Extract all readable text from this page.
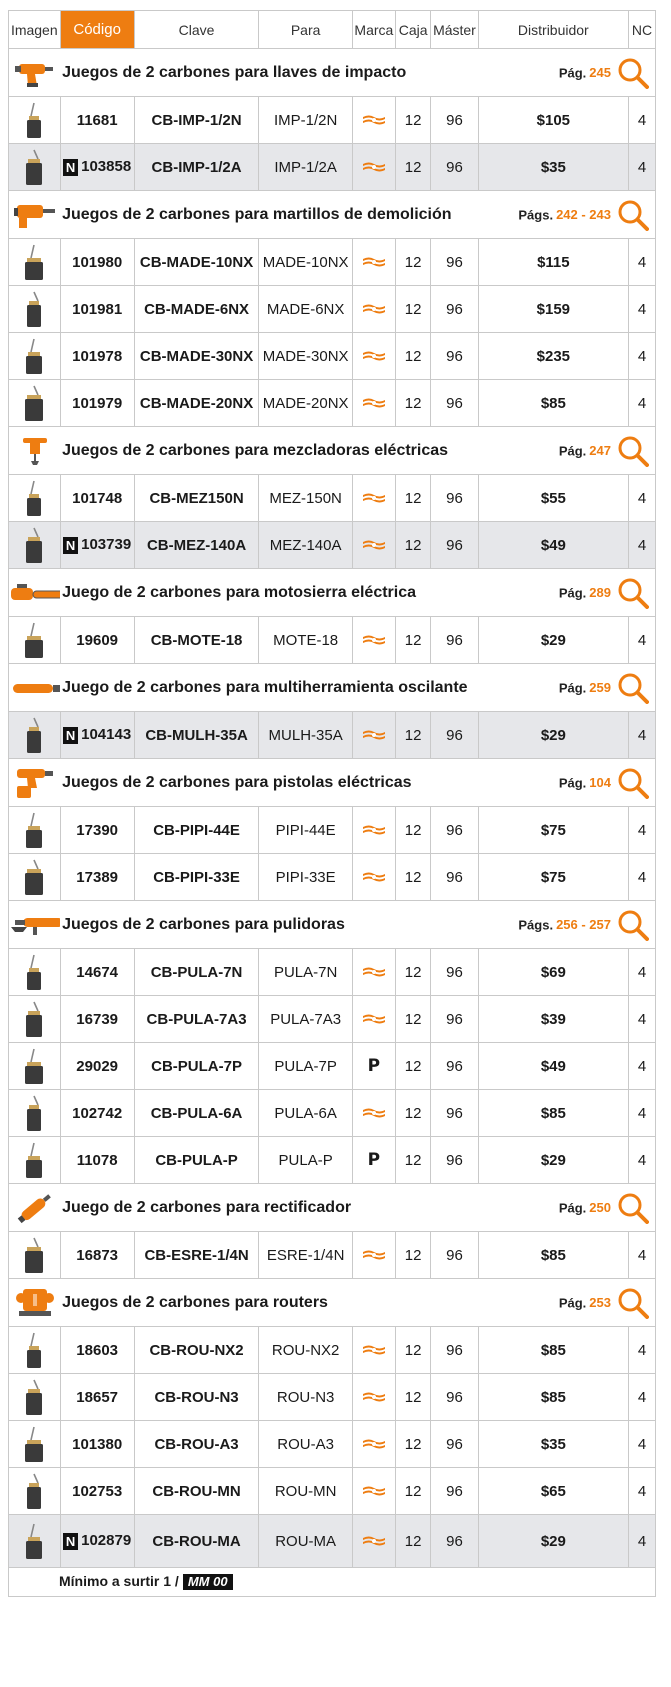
Imagen	Código	Clave	Para	Marca	Caja	Máster	Distribuidor	NC

	Juegos de 2 carbones para llaves de impacto						Pág. 245	

	11681	CB-IMP-1/2N	IMP-1/2N		12	96	$105	4

	N 103858	CB-IMP-1/2A	IMP-1/2A		12	96	$35	4

	Juegos de 2 carbones para martillos de demolición						Págs. 242 - 243	

	101980	CB-MADE-10NX	MADE-10NX		12	96	$115	4

	101981	CB-MADE-6NX	MADE-6NX		12	96	$159	4

	101978	CB-MADE-30NX	MADE-30NX		12	96	$235	4

	101979	CB-MADE-20NX	MADE-20NX		12	96	$85	4

	Juegos de 2 carbones para mezcladoras eléctricas						Pág. 247	

	101748	CB-MEZ150N	MEZ-150N		12	96	$55	4

	N 103739	CB-MEZ-140A	MEZ-140A		12	96	$49	4

	Juego de 2 carbones para motosierra eléctrica						Pág. 289	

	19609	CB-MOTE-18	MOTE-18		12	96	$29	4

	Juego de 2 carbones para multiherramienta oscilante						Pág. 259	

	N 104143	CB-MULH-35A	MULH-35A		12	96	$29	4

	Juegos de 2 carbones para pistolas eléctricas						Pág. 104	

	17390	CB-PIPI-44E	PIPI-44E		12	96	$75	4

	17389	CB-PIPI-33E	PIPI-33E		12	96	$75	4

	Juegos de 2 carbones para pulidoras						Págs. 256 - 257	

	14674	CB-PULA-7N	PULA-7N		12	96	$69	4

	16739	CB-PULA-7A3	PULA-7A3		12	96	$39	4

	29029	CB-PULA-7P	PULA-7P	P	12	96	$49	4

	102742	CB-PULA-6A	PULA-6A		12	96	$85	4

	11078	CB-PULA-P	PULA-P	P	12	96	$29	4

	Juego de 2 carbones para rectificador						Pág. 250	

	16873	CB-ESRE-1/4N	ESRE-1/4N		12	96	$85	4

	Juegos de 2 carbones para routers						Pág. 253	

	18603	CB-ROU-NX2	ROU-NX2		12	96	$85	4

	18657	CB-ROU-N3	ROU-N3		12	96	$85	4

	101380	CB-ROU-A3	ROU-A3		12	96	$35	4

	102753	CB-ROU-MN	ROU-MN		12	96	$65	4

	N 102879	CB-ROU-MA	ROU-MA		12	96	$29	4
Mínimo a surtir 1 / MM 00								
